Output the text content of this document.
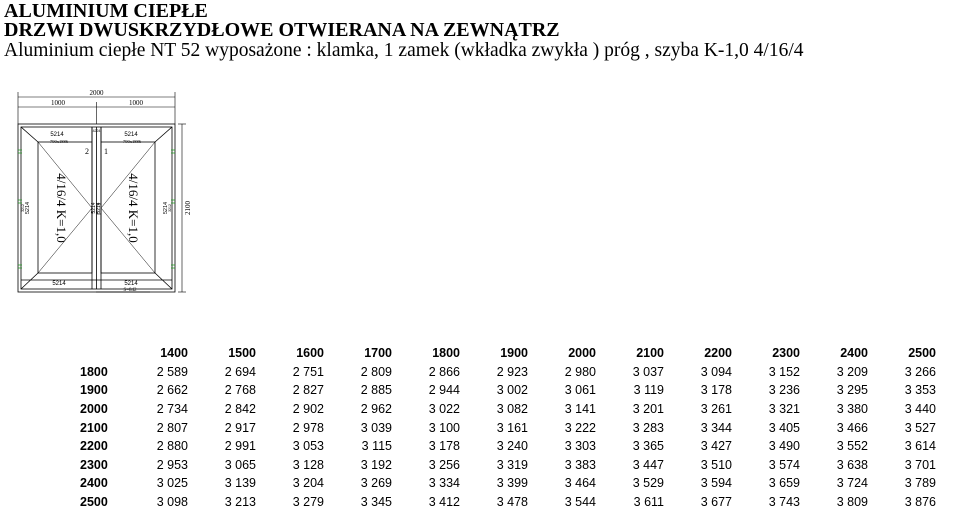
ALUMINIUM CIEPŁE
DRZWI DWUSKRZYDŁOWE OTWIERANA NA ZEWNĄTRZ
Aluminium ciepłe NT 52 wyposażone : klamka, 1 zamek (wkładka zwykła ) próg , szyba K-1,0 4/16/4
2000
1000	1000
2100
5214	5214
4224
790x1886	790x1886
2 1
5214
3212	5214 5214	5214 3212
4/16/4 K=1,0	4/16/4 K=1,0
5214	5214
S=842
	1400	1500	1600	1700	1800	1900	2000	2100	2200	2300	2400	2500
1800	2 589	2 694	2 751	2 809	2 866	2 923	2 980	3 037	3 094	3 152	3 209	3 266
1900	2 662	2 768	2 827	2 885	2 944	3 002	3 061	3 119	3 178	3 236	3 295	3 353
2000	2 734	2 842	2 902	2 962	3 022	3 082	3 141	3 201	3 261	3 321	3 380	3 440
2100	2 807	2 917	2 978	3 039	3 100	3 161	3 222	3 283	3 344	3 405	3 466	3 527
2200	2 880	2 991	3 053	3 115	3 178	3 240	3 303	3 365	3 427	3 490	3 552	3 614
2300	2 953	3 065	3 128	3 192	3 256	3 319	3 383	3 447	3 510	3 574	3 638	3 701
2400	3 025	3 139	3 204	3 269	3 334	3 399	3 464	3 529	3 594	3 659	3 724	3 789
2500	3 098	3 213	3 279	3 345	3 412	3 478	3 544	3 611	3 677	3 743	3 809	3 876
